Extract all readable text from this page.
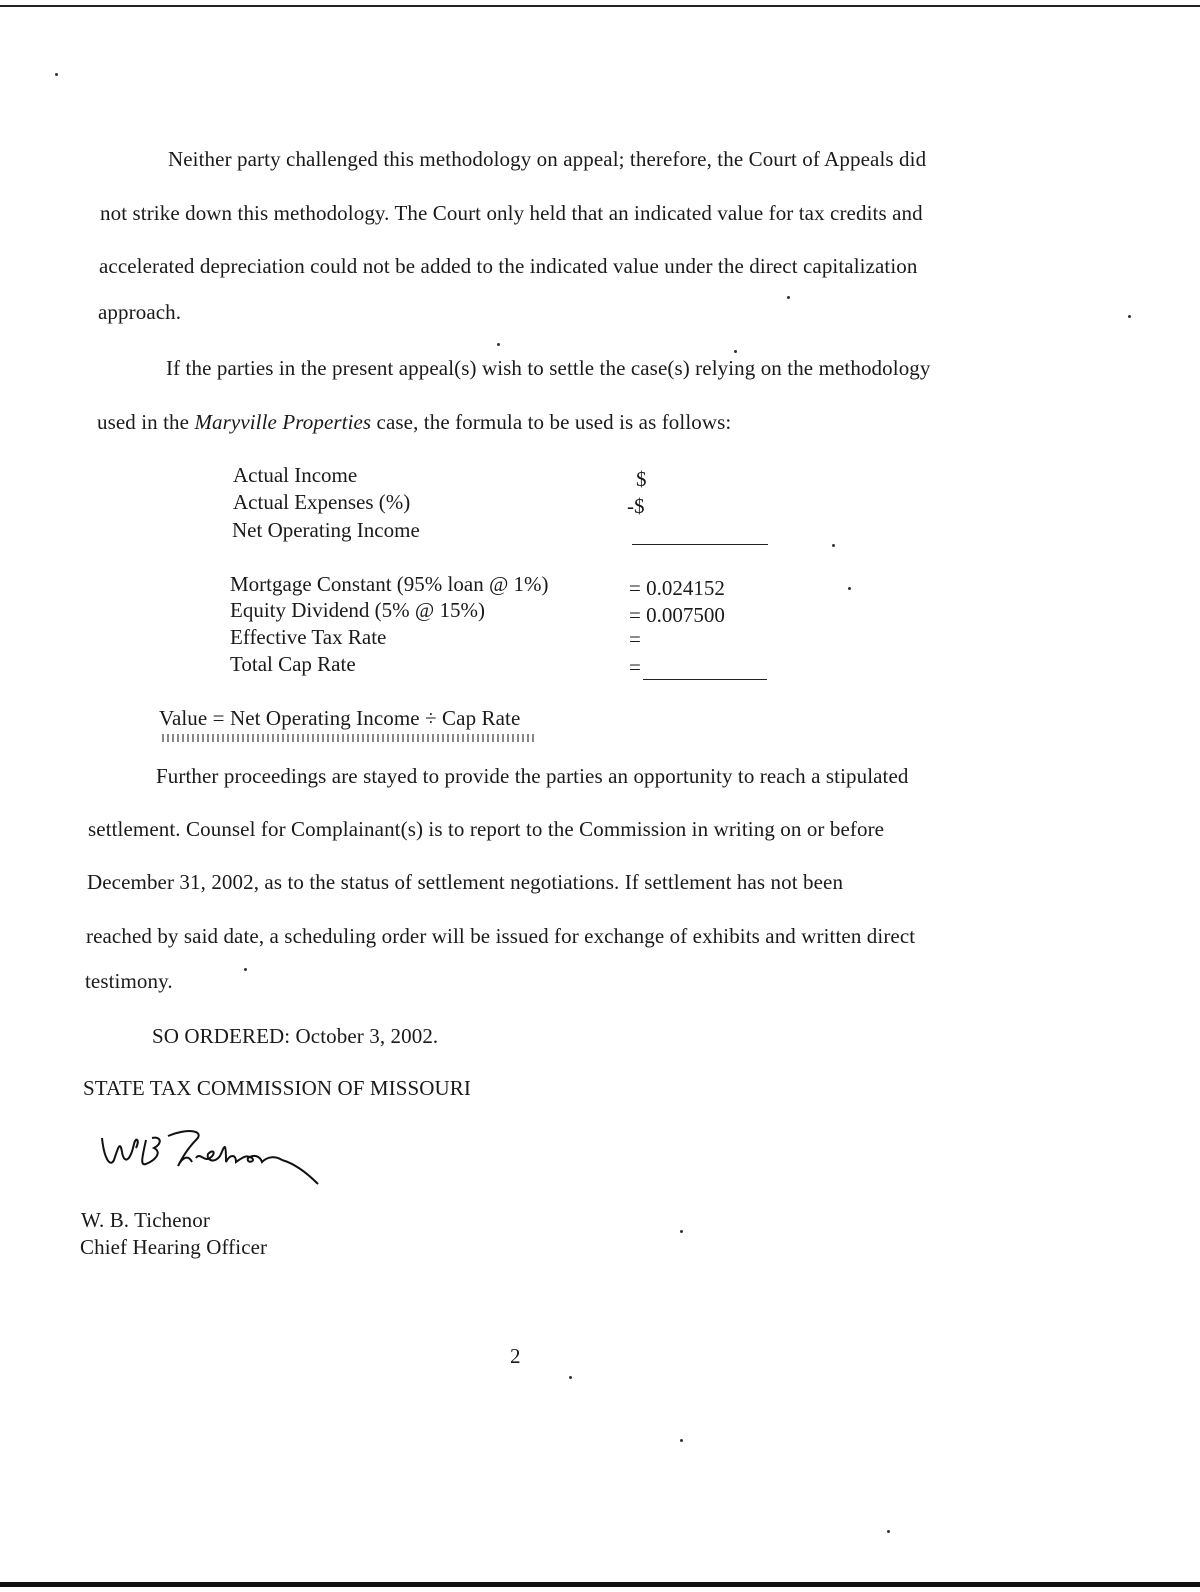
Neither party challenged this methodology on appeal; therefore, the Court of Appeals did
not strike down this methodology. The Court only held that an indicated value for tax credits and
accelerated depreciation could not be added to the indicated value under the direct capitalization
approach.
If the parties in the present appeal(s) wish to settle the case(s) relying on the methodology
used in the Maryville Properties case, the formula to be used is as follows:
Actual Income	$
Actual Expenses (%)	-$
Net Operating Income
Mortgage Constant (95% loan @ 1%)	= 0.024152
Equity Dividend (5% @ 15%)	= 0.007500
Effective Tax Rate	=
Total Cap Rate	=
Value = Net Operating Income ÷ Cap Rate
Further proceedings are stayed to provide the parties an opportunity to reach a stipulated
settlement. Counsel for Complainant(s) is to report to the Commission in writing on or before
December 31, 2002, as to the status of settlement negotiations. If settlement has not been
reached by said date, a scheduling order will be issued for exchange of exhibits and written direct
testimony.
SO ORDERED: October 3, 2002.
STATE TAX COMMISSION OF MISSOURI
W. B. Tichenor
Chief Hearing Officer
2
